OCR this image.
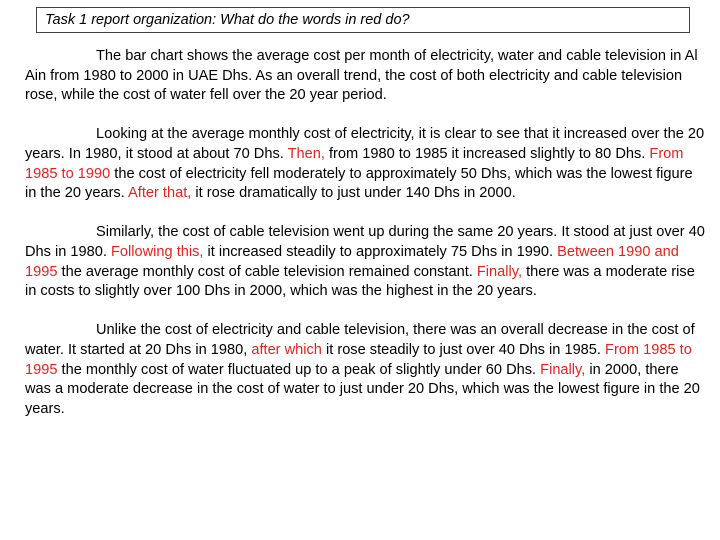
Task 1 report organization: What do the words in red do?

The bar chart shows the average cost per month of electricity, water and cable television in Al Ain from 1980 to 2000 in UAE Dhs. As an overall trend, the cost of both electricity and cable television rose, while the cost of water fell over the 20 year period.

Looking at the average monthly cost of electricity, it is clear to see that it increased over the 20 years. In 1980, it stood at about 70 Dhs. Then, from 1980 to 1985 it increased slightly to 80 Dhs. From 1985 to 1990 the cost of electricity fell moderately to approximately 50 Dhs, which was the lowest figure in the 20 years. After that, it rose dramatically to just under 140 Dhs in 2000.

Similarly, the cost of cable television went up during the same 20 years. It stood at just over 40 Dhs in 1980. Following this, it increased steadily to approximately 75 Dhs in 1990. Between 1990 and 1995 the average monthly cost of cable television remained constant. Finally, there was a moderate rise in costs to slightly over 100 Dhs in 2000, which was the highest in the 20 years.

Unlike the cost of electricity and cable television, there was an overall decrease in the cost of water. It started at 20 Dhs in 1980, after which it rose steadily to just over 40 Dhs in 1985. From 1985 to 1995 the monthly cost of water fluctuated up to a peak of slightly under 60 Dhs. Finally, in 2000, there was a moderate decrease in the cost of water to just under 20 Dhs, which was the lowest figure in the 20 years.
